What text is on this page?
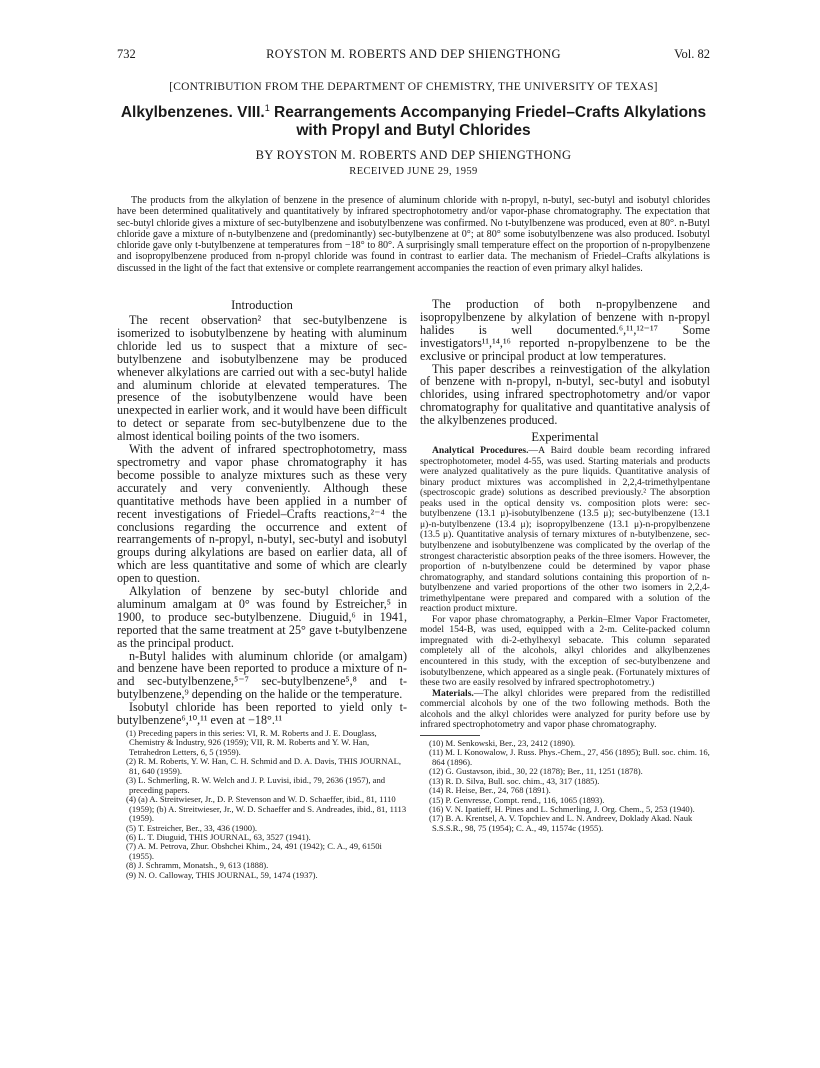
732	ROYSTON M. ROBERTS AND DEP SHIENGTHONG	Vol. 82
[CONTRIBUTION FROM THE DEPARTMENT OF CHEMISTRY, THE UNIVERSITY OF TEXAS]
Alkylbenzenes. VIII.$^1$ Rearrangements Accompanying Friedel–Crafts Alkylations
with Propyl and Butyl Chlorides
BY ROYSTON M. ROBERTS AND DEP SHIENGTHONG
RECEIVED JUNE 29, 1959

The products from the alkylation of benzene in the presence of aluminum chloride with n-propyl, n-butyl, sec-butyl and isobutyl chlorides have been determined qualitatively and quantitatively by infrared spectrophotometry and/or vapor-phase chromatography. The expectation that sec-butyl chloride gives a mixture of sec-butylbenzene and isobutylbenzene was confirmed. No t-butylbenzene was produced, even at 80°. n-Butyl chloride gave a mixture of n-butylbenzene and (predominantly) sec-butylbenzene at 0°; at 80° some isobutylbenzene was also produced. Isobutyl chloride gave only t-butylbenzene at temperatures from −18° to 80°. A surprisingly small temperature effect on the proportion of n-propylbenzene and isopropylbenzene produced from n-propyl chloride was found in contrast to earlier data. The mechanism of Friedel–Crafts alkylations is discussed in the light of the fact that extensive or complete rearrangement accompanies the reaction of even primary alkyl halides.

Introduction

The recent observation² that sec-butylbenzene is isomerized to isobutylbenzene by heating with aluminum chloride led us to suspect that a mixture of sec-butylbenzene and isobutylbenzene may be produced whenever alkylations are carried out with a sec-butyl halide and aluminum chloride at elevated temperatures. The presence of the isobutylbenzene would have been unexpected in earlier work, and it would have been difficult to detect or separate from sec-butylbenzene due to the almost identical boiling points of the two isomers.

With the advent of infrared spectrophotometry, mass spectrometry and vapor phase chromatography it has become possible to analyze mixtures such as these very accurately and very conveniently. Although these quantitative methods have been applied in a number of recent investigations of Friedel–Crafts reactions,²⁻⁴ the conclusions regarding the occurrence and extent of rearrangements of n-propyl, n-butyl, sec-butyl and isobutyl groups during alkylations are based on earlier data, all of which are less quantitative and some of which are clearly open to question.

Alkylation of benzene by sec-butyl chloride and aluminum amalgam at 0° was found by Estreicher,⁵ in 1900, to produce sec-butylbenzene. Diuguid,⁶ in 1941, reported that the same treatment at 25° gave t-butylbenzene as the principal product.

n-Butyl halides with aluminum chloride (or amalgam) and benzene have been reported to produce a mixture of n- and sec-butylbenzene,⁵⁻⁷ sec-butylbenzene⁵,⁸ and t-butylbenzene,⁹ depending on the halide or the temperature.

Isobutyl chloride has been reported to yield only t-butylbenzene⁶,¹⁰,¹¹ even at −18°.¹¹

(1) Preceding papers in this series: VI, R. M. Roberts and J. E. Douglass, Chemistry & Industry, 926 (1959); VII, R. M. Roberts and Y. W. Han, Tetrahedron Letters, 6, 5 (1959).

(2) R. M. Roberts, Y. W. Han, C. H. Schmid and D. A. Davis, THIS JOURNAL, 81, 640 (1959).

(3) L. Schmerling, R. W. Welch and J. P. Luvisi, ibid., 79, 2636 (1957), and preceding papers.

(4) (a) A. Streitwieser, Jr., D. P. Stevenson and W. D. Schaeffer, ibid., 81, 1110 (1959); (b) A. Streitwieser, Jr., W. D. Schaeffer and S. Andreades, ibid., 81, 1113 (1959).

(5) T. Estreicher, Ber., 33, 436 (1900).

(6) L. T. Diuguid, THIS JOURNAL, 63, 3527 (1941).

(7) A. M. Petrova, Zhur. Obshchei Khim., 24, 491 (1942); C. A., 49, 6150i (1955).

(8) J. Schramm, Monatsh., 9, 613 (1888).

(9) N. O. Calloway, THIS JOURNAL, 59, 1474 (1937).

The production of both n-propylbenzene and isopropylbenzene by alkylation of benzene with n-propyl halides is well documented.⁶,¹¹,¹²⁻¹⁷ Some investigators¹¹,¹⁴,¹⁶ reported n-propylbenzene to be the exclusive or principal product at low temperatures.

This paper describes a reinvestigation of the alkylation of benzene with n-propyl, n-butyl, sec-butyl and isobutyl chlorides, using infrared spectrophotometry and/or vapor chromatography for qualitative and quantitative analysis of the alkylbenzenes produced.

Experimental

Analytical Procedures.—A Baird double beam recording infrared spectrophotometer, model 4-55, was used. Starting materials and products were analyzed qualitatively as the pure liquids. Quantitative analysis of binary product mixtures was accomplished in 2,2,4-trimethylpentane (spectroscopic grade) solutions as described previously.² The absorption peaks used in the optical density vs. composition plots were: sec-butylbenzene (13.1 μ)-isobutylbenzene (13.5 μ); sec-butylbenzene (13.1 μ)-n-butylbenzene (13.4 μ); isopropylbenzene (13.1 μ)-n-propylbenzene (13.5 μ). Quantitative analysis of ternary mixtures of n-butylbenzene, sec-butylbenzene and isobutylbenzene was complicated by the overlap of the strongest characteristic absorption peaks of the three isomers. However, the proportion of n-butylbenzene could be determined by vapor phase chromatography, and standard solutions containing this proportion of n-butylbenzene and varied proportions of the other two isomers in 2,2,4-trimethylpentane were prepared and compared with a solution of the reaction product mixture.

For vapor phase chromatography, a Perkin–Elmer Vapor Fractometer, model 154-B, was used, equipped with a 2-m. Celite-packed column impregnated with di-2-ethylhexyl sebacate. This column separated completely all of the alcohols, alkyl chlorides and alkylbenzenes encountered in this study, with the exception of sec-butylbenzene and isobutylbenzene, which appeared as a single peak. (Fortunately mixtures of these two are easily resolved by infrared spectrophotometry.)

Materials.—The alkyl chlorides were prepared from the redistilled commercial alcohols by one of the two following methods. Both the alcohols and the alkyl chlorides were analyzed for purity before use by infrared spectrophotometry and vapor phase chromatography.

(10) M. Senkowski, Ber., 23, 2412 (1890).

(11) M. I. Konowalow, J. Russ. Phys.-Chem., 27, 456 (1895); Bull. soc. chim. 16, 864 (1896).

(12) G. Gustavson, ibid., 30, 22 (1878); Ber., 11, 1251 (1878).

(13) R. D. Silva, Bull. soc. chim., 43, 317 (1885).

(14) R. Heise, Ber., 24, 768 (1891).

(15) P. Genvresse, Compt. rend., 116, 1065 (1893).

(16) V. N. Ipatieff, H. Pines and L. Schmerling, J. Org. Chem., 5, 253 (1940).

(17) B. A. Krentsel, A. V. Topchiev and L. N. Andreev, Doklady Akad. Nauk S.S.S.R., 98, 75 (1954); C. A., 49, 11574c (1955).
